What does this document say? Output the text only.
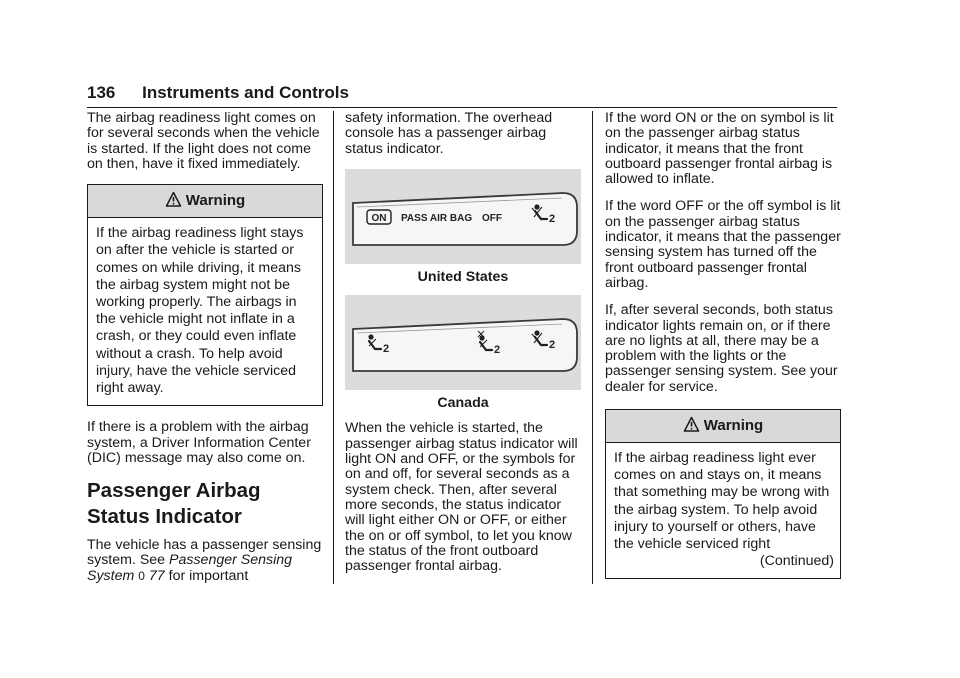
136 Instruments and Controls

The airbag readiness light comes on for several seconds when the vehicle is started. If the light does not come on then, have it fixed immediately.

Warning
If the airbag readiness light stays on after the vehicle is started or comes on while driving, it means the airbag system might not be working properly. The airbags in the vehicle might not inflate in a crash, or they could even inflate without a crash. To help avoid injury, have the vehicle serviced right away.

If there is a problem with the airbag system, a Driver Information Center (DIC) message may also come on.

Passenger Airbag Status Indicator

The vehicle has a passenger sensing system. See Passenger Sensing System 0 77 for important

safety information. The overhead console has a passenger airbag status indicator.

ON PASS AIR BAG OFF	2
United States
2	2	2
Canada

When the vehicle is started, the passenger airbag status indicator will light ON and OFF, or the symbols for on and off, for several seconds as a system check. Then, after several more seconds, the status indicator will light either ON or OFF, or either the on or off symbol, to let you know the status of the front outboard passenger frontal airbag.

If the word ON or the on symbol is lit on the passenger airbag status indicator, it means that the front outboard passenger frontal airbag is allowed to inflate.

If the word OFF or the off symbol is lit on the passenger airbag status indicator, it means that the passenger sensing system has turned off the front outboard passenger frontal airbag.

If, after several seconds, both status indicator lights remain on, or if there are no lights at all, there may be a problem with the lights or the passenger sensing system. See your dealer for service.

Warning
If the airbag readiness light ever comes on and stays on, it means that something may be wrong with the airbag system. To help avoid injury to yourself or others, have the vehicle serviced right
(Continued)
